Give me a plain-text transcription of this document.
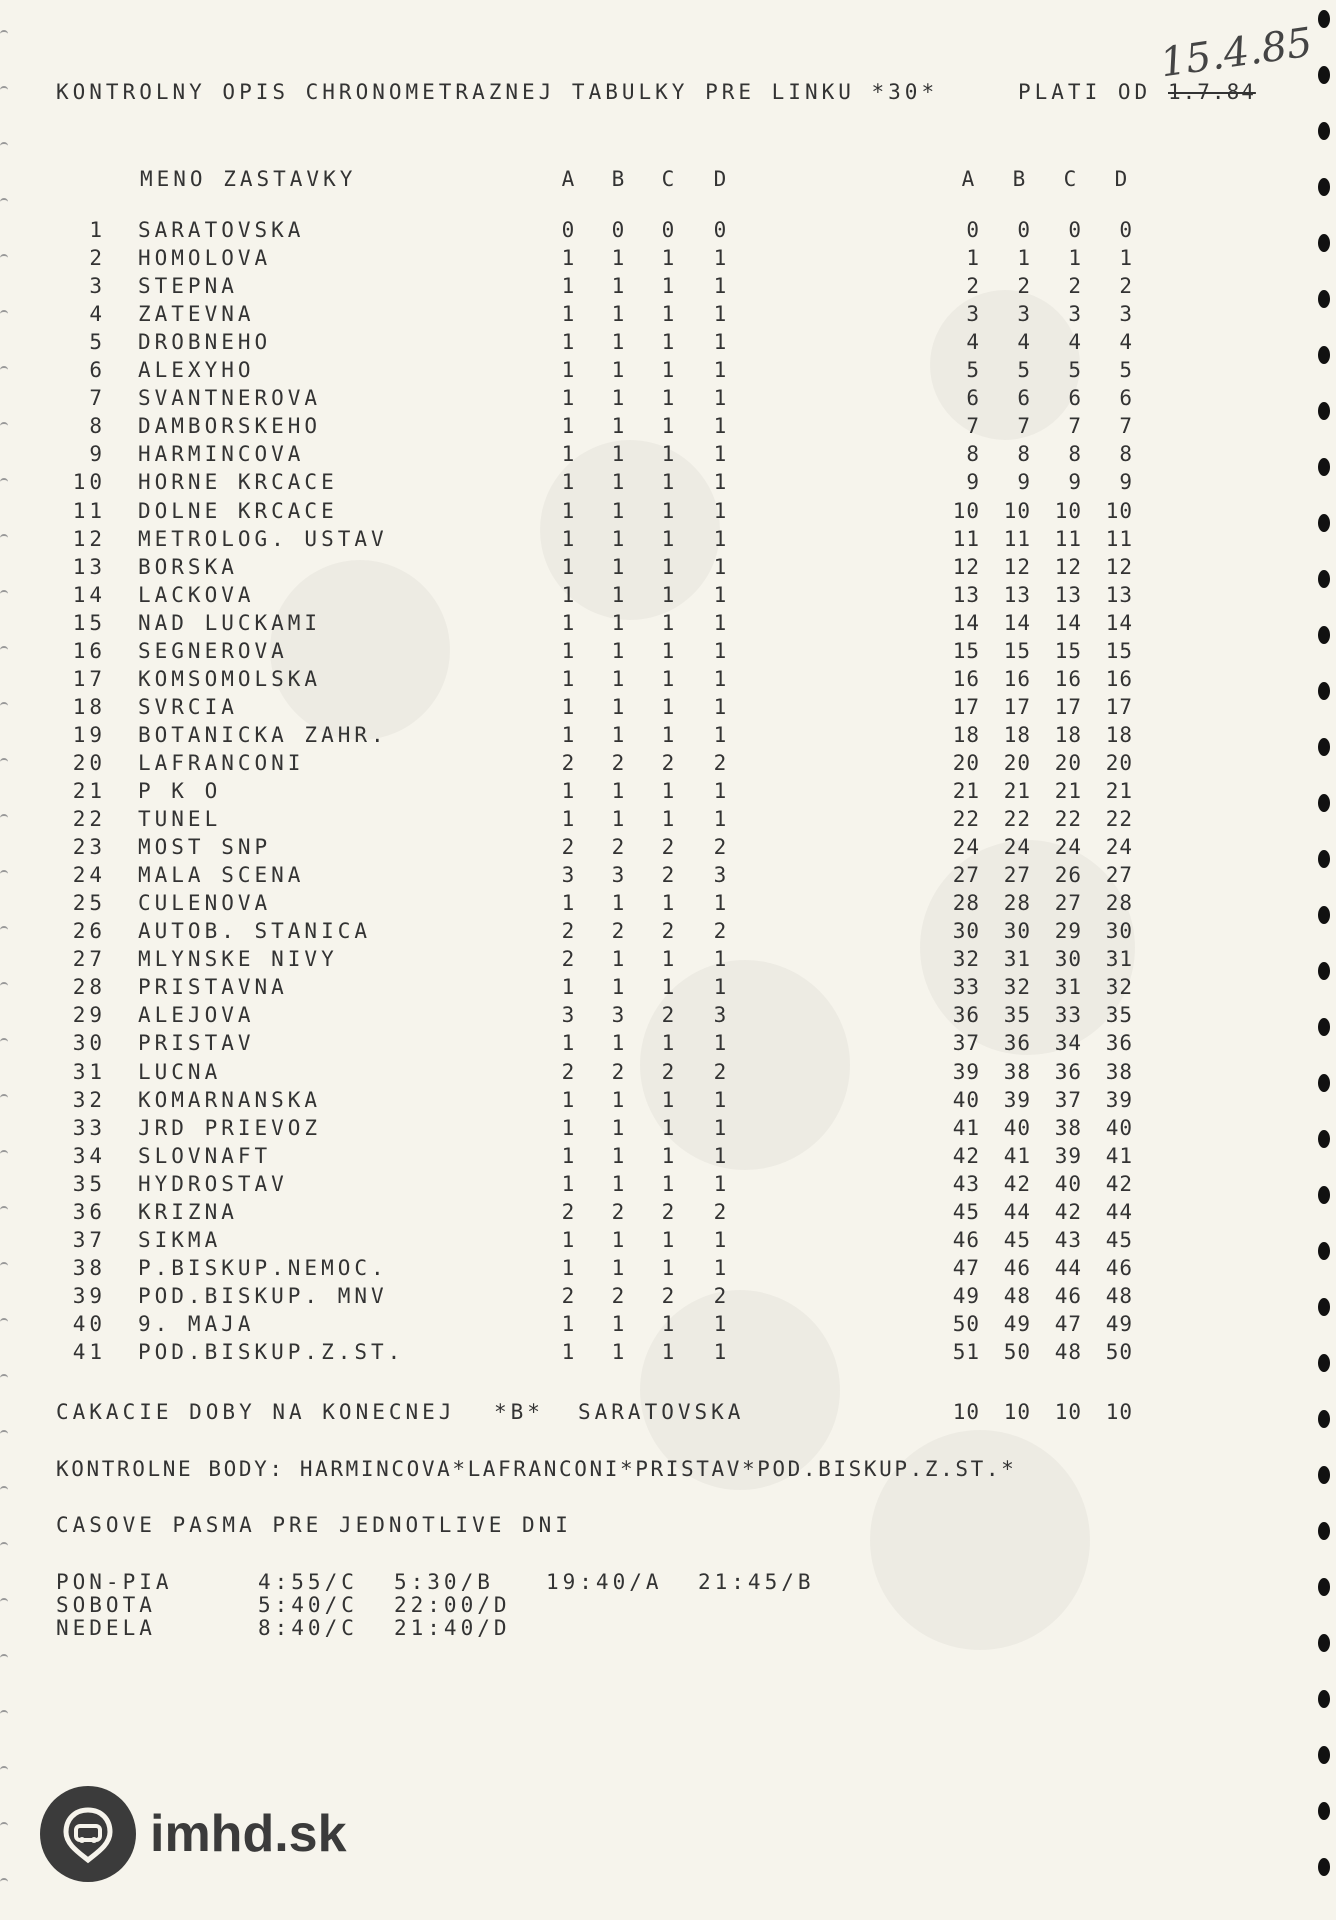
15.4.85
KONTROLNY OPIS CHRONOMETRAZNEJ TABULKY PRE LINKU *30*	PLATI OD 1.7.84
MENO ZASTAVKY	A B C D	A B C D
1 SARATOVSKA	0 0 0 0	0	0	0	0
2 HOMOLOVA	1 1 1 1	1	1	1	1
3 STEPNA	1 1 1 1	2	2	2	2
4 ZATEVNA	1 1 1 1	3	3	3	3
5 DROBNEHO	1 1 1 1	4	4	4	4
6 ALEXYHO	1 1 1 1	5	5	5	5
7 SVANTNEROVA	1 1 1 1	6	6	6	6
8 DAMBORSKEHO	1 1 1 1	7	7	7	7
9 HARMINCOVA	1 1 1 1	8	8	8	8
10 HORNE KRCACE	1 1 1 1	9	9	9	9
11 DOLNE KRCACE	1 1 1 1	10	10	10	10
12 METROLOG. USTAV	1 1 1 1	11	11	11	11
13 BORSKA	1 1 1 1	12	12	12	12
14 LACKOVA	1 1 1 1	13	13	13	13
15 NAD LUCKAMI	1 1 1 1	14	14	14	14
16 SEGNEROVA	1 1 1 1	15	15	15	15
17 KOMSOMOLSKA	1 1 1 1	16	16	16	16
18 SVRCIA	1 1 1 1	17	17	17	17
19 BOTANICKA ZAHR.	1 1 1 1	18	18	18	18
20 LAFRANCONI	2 2 2 2	20	20	20	20
21 P K O	1 1 1 1	21	21	21	21
22 TUNEL	1 1 1 1	22	22	22	22
23 MOST SNP	2 2 2 2	24	24	24	24
24 MALA SCENA	3 3 2 3	27	27	26	27
25 CULENOVA	1 1 1 1	28	28	27	28
26 AUTOB. STANICA	2 2 2 2	30	30	29	30
27 MLYNSKE NIVY	2 1 1 1	32	31	30	31
28 PRISTAVNA	1 1 1 1	33	32	31	32
29 ALEJOVA	3 3 2 3	36	35	33	35
30 PRISTAV	1 1 1 1	37	36	34	36
31 LUCNA	2 2 2 2	39	38	36	38
32 KOMARNANSKA	1 1 1 1	40	39	37	39
33 JRD PRIEVOZ	1 1 1 1	41	40	38	40
34 SLOVNAFT	1 1 1 1	42	41	39	41
35 HYDROSTAV	1 1 1 1	43	42	40	42
36 KRIZNA	2 2 2 2	45	44	42	44
37 SIKMA	1 1 1 1	46	45	43	45
38 P.BISKUP.NEMOC.	1 1 1 1	47	46	44	46
39 POD.BISKUP. MNV	2 2 2 2	49	48	46	48
40 9. MAJA	1 1 1 1	50	49	47	49
41 POD.BISKUP.Z.ST.	1 1 1 1	51	50	48	50
CAKACIE DOBY NA KONECNEJ *B* SARATOVSKA	10	10	10	10
KONTROLNE BODY: HARMINCOVA*LAFRANCONI*PRISTAV*POD.BISKUP.Z.ST.*
CASOVE PASMA PRE JEDNOTLIVE DNI
PON-PIA	4:55/C 5:30/B 19:40/A 21:45/B
SOBOTA	5:40/C 22:00/D
NEDELA	8:40/C 21:40/D
imhd.sk
